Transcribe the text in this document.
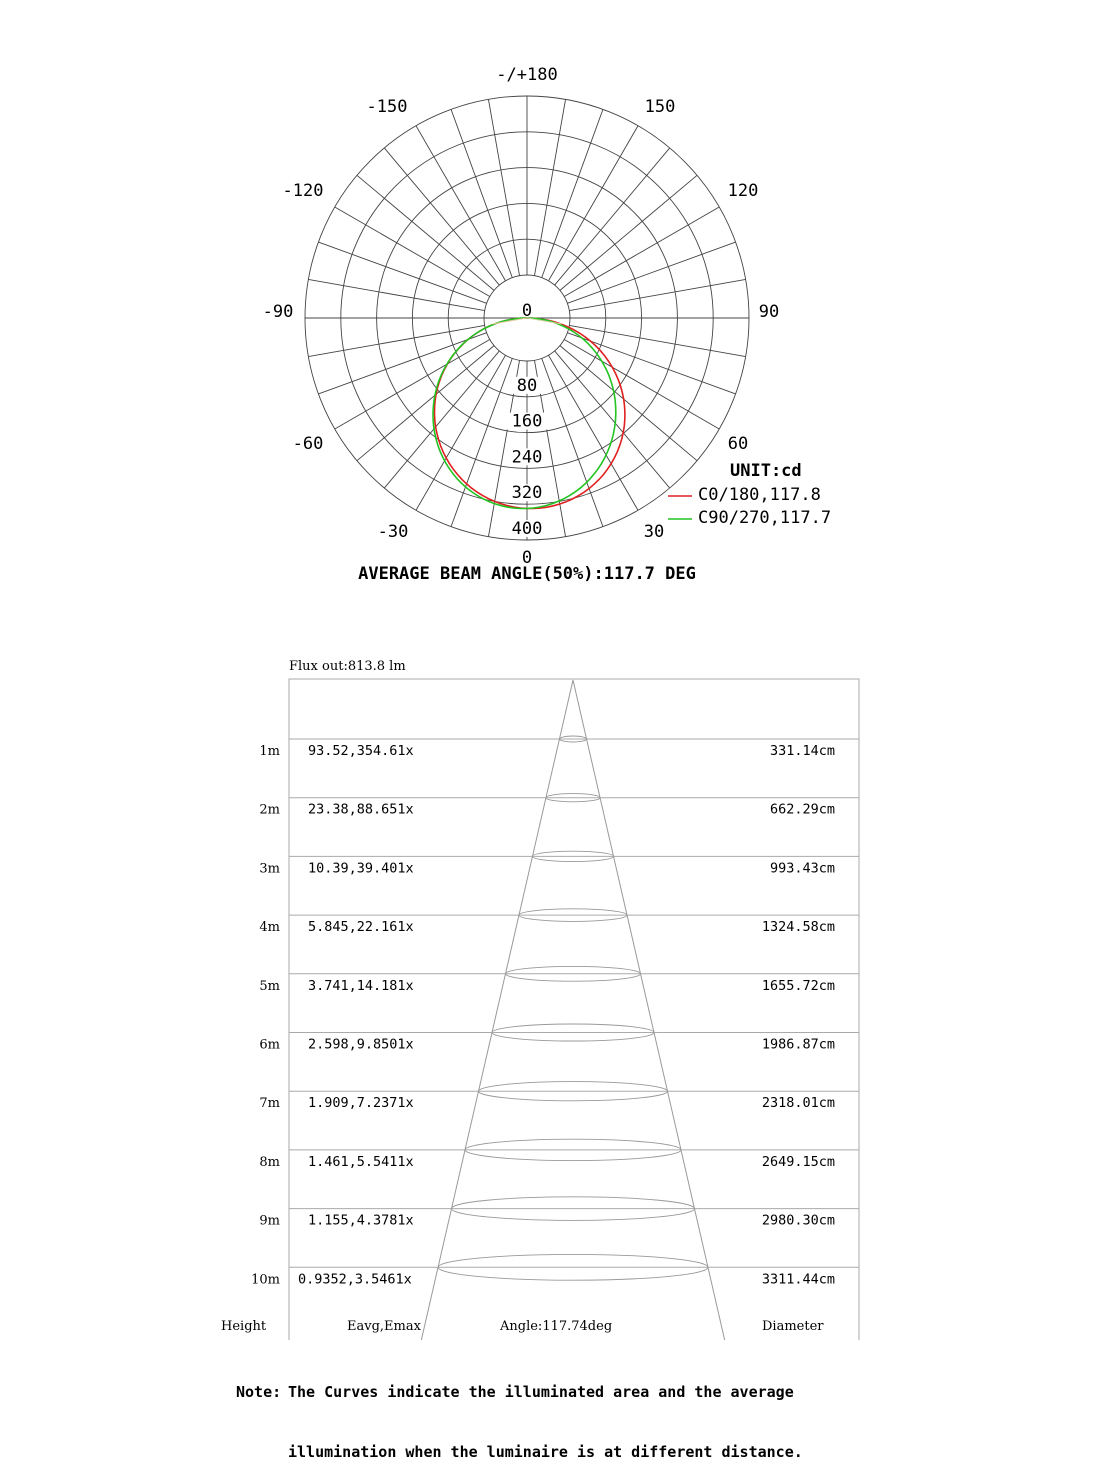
-/+180
-150
-120
-90
-60
-30
150
120
90
60
30
0
0
80
160
240
320
400
UNIT:cd
C0/180,117.8
C90/270,117.7
AVERAGE BEAM ANGLE(50%):117.7 DEG
Flux out:813.8 lm
1m 93.52,354.61x	331.14cm
2m 23.38,88.651x	662.29cm
3m 10.39,39.401x	993.43cm
4m 5.845,22.161x	1324.58cm
5m 3.741,14.181x	1655.72cm
6m 2.598,9.8501x	1986.87cm
7m 1.909,7.2371x	2318.01cm
8m 1.461,5.5411x	2649.15cm
9m 1.155,4.3781x	2980.30cm
10m 0.9352,3.5461x	3311.44cm
Height	Eavg,Emax	Angle:117.74deg	Diameter

Note: The Curves indicate the illuminated area and the average

illumination when the luminaire is at different distance.
